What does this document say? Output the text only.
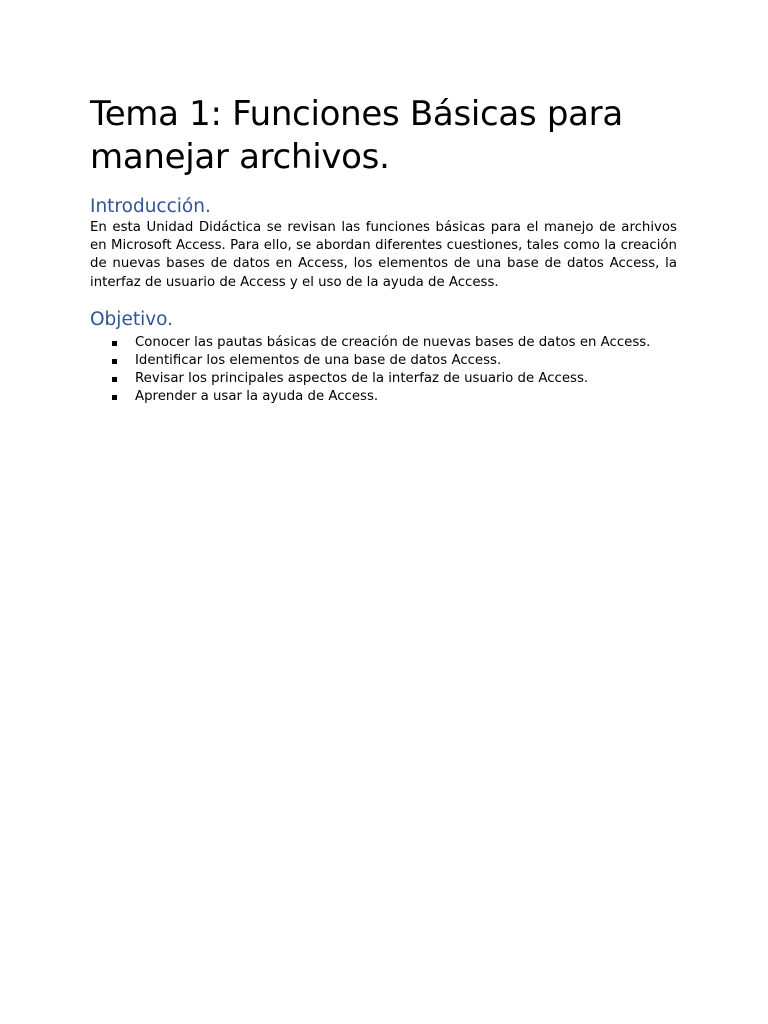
Tema 1: Funciones Básicas para manejar archivos.
Introducción.

En esta Unidad Didáctica se revisan las funciones básicas para el manejo de archivos en Microsoft Access. Para ello, se abordan diferentes cuestiones, tales como la creación de nuevas bases de datos en Access, los elementos de una base de datos Access, la interfaz de usuario de Access y el uso de la ayuda de Access.

Objetivo.
Conocer las pautas básicas de creación de nuevas bases de datos en Access.
Identificar los elementos de una base de datos Access.
Revisar los principales aspectos de la interfaz de usuario de Access.
Aprender a usar la ayuda de Access.
